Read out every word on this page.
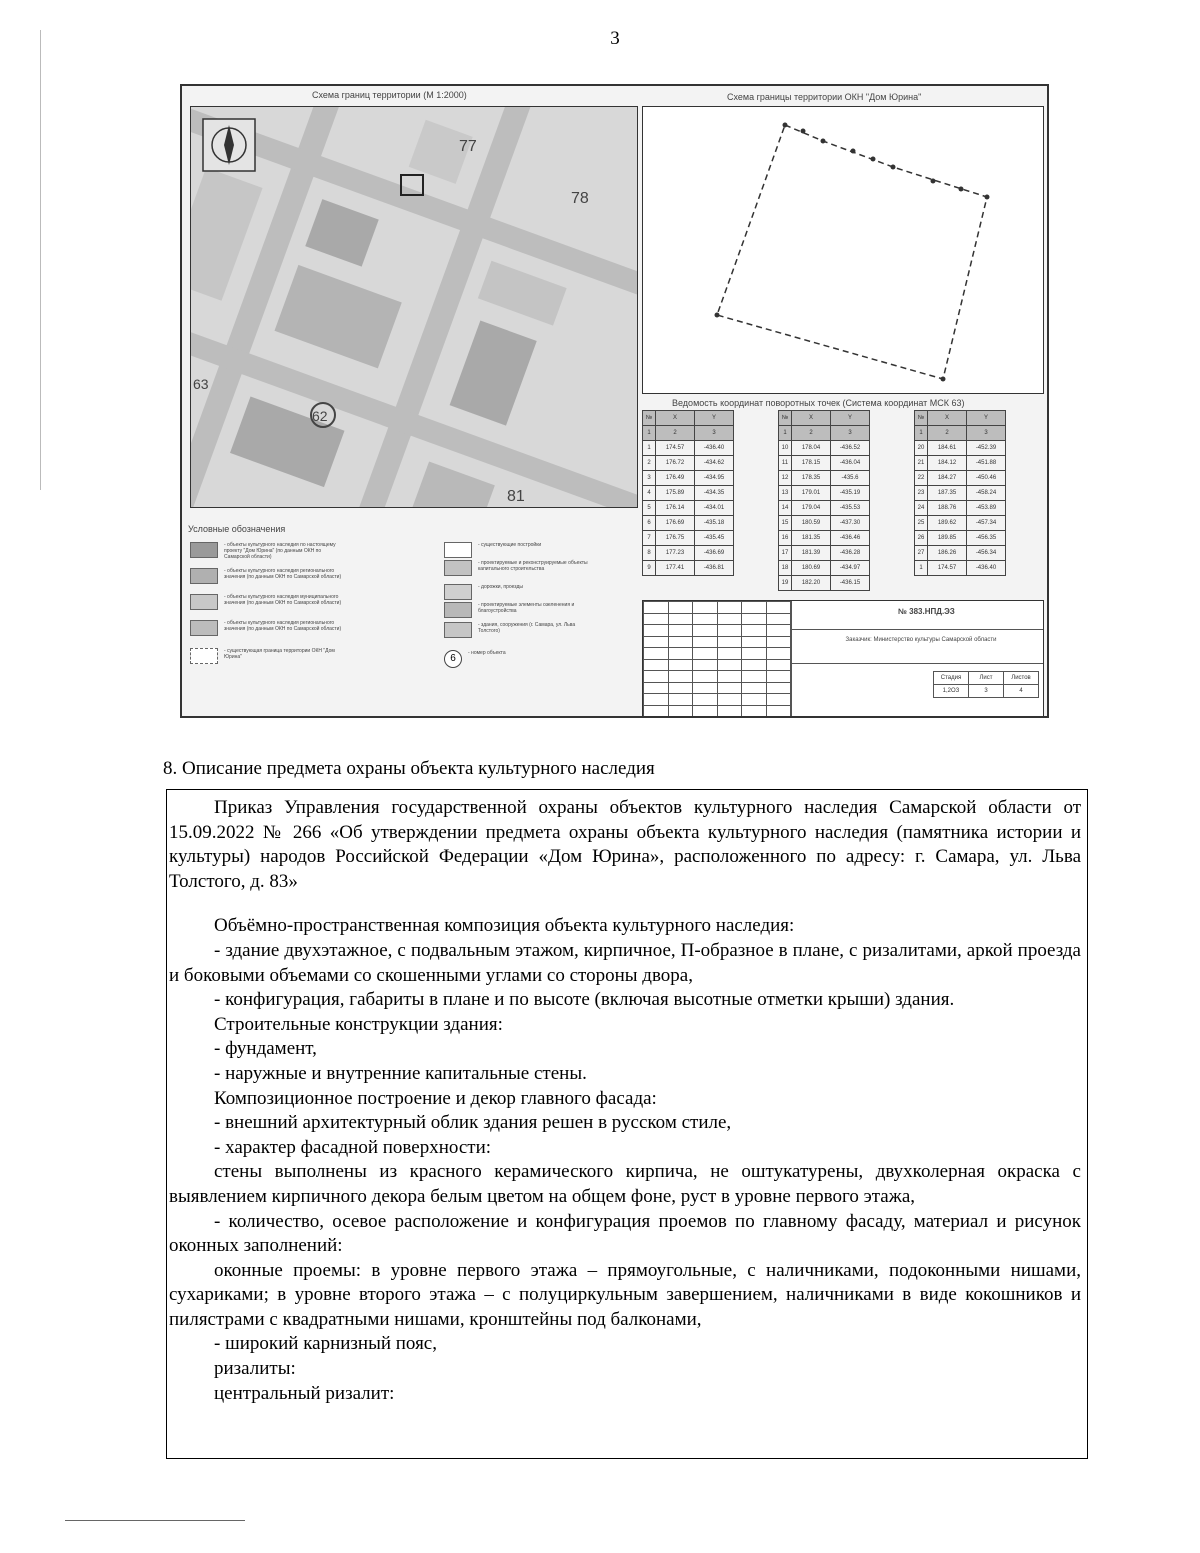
3
Схема границ территории (М 1:2000)	Схема границы территории ОКН "Дом Юрина"
77
78
62
81
63
Ведомость координат поворотных точек (Система координат МСК 63)
№	X	Y
1	2	3
1	174.57	-436.40
2	176.72	-434.62
3	176.49	-434.95
4	175.89	-434.35
5	176.14	-434.01
6	176.69	-435.18
7	176.75	-435.45
8	177.23	-436.69
9	177.41	-436.81
№	X	Y
1	2	3
10	178.04	-436.52
11	178.15	-436.04
12	178.35	-435.6
13	179.01	-435.19
14	179.04	-435.53
15	180.59	-437.30
16	181.35	-436.46
17	181.39	-436.28
18	180.69	-434.97
19	182.20	-436.15
№	X	Y
1	2	3
20	184.61	-452.39
21	184.12	-451.88
22	184.27	-450.46
23	187.35	-458.24
24	188.76	-453.89
25	189.62	-457.34
26	189.85	-456.35
27	186.26	-456.34
1	174.57	-436.40
Условные обозначения
- объекты культурного наследия по настоящему проекту "Дом Юрина" (по данным ОКН по Самарской области)
- объекты культурного наследия регионального значения (по данным ОКН по Самарской области)
- объекты культурного наследия муниципального значения (по данным ОКН по Самарской области)
- объекты культурного наследия регионального значения (по данным ОКН по Самарской области)
- существующая граница территории ОКН "Дом Юрина"
- существующие постройки
- проектируемые и реконструируемые объекты капитального строительства
- дорожки, проезды
- проектируемые элементы озеленения и благоустройства
- здания, сооружения (г. Самара, ул. Льва Толстого)
6	- номер объекта

№ 383.НПД.ЭЗ
Заказчик: Министерство культуры Самарской области
Стадия	Лист	Листов
1,2ОЗ	3	4
8. Описание предмета охраны объекта культурного наследия

Приказ Управления государственной охраны объектов культурного наследия Самарской области от 15.09.2022 № 266 «Об утверждении предмета охраны объекта культурного наследия (памятника истории и культуры) народов Российской Федерации «Дом Юрина», расположенного по адресу: г. Самара, ул. Льва Толстого, д. 83»

Объёмно-пространственная композиция объекта культурного наследия:

- здание двухэтажное, с подвальным этажом, кирпичное, П-образное в плане, с ризалитами, аркой проезда и боковыми объемами со скошенными углами со стороны двора,

- конфигурация, габариты в плане и по высоте (включая высотные отметки крыши) здания.

Строительные конструкции здания:

- фундамент,

- наружные и внутренние капитальные стены.

Композиционное построение и декор главного фасада:

- внешний архитектурный облик здания решен в русском стиле,

- характер фасадной поверхности:

стены выполнены из красного керамического кирпича, не оштукатурены, двухколерная окраска с выявлением кирпичного декора белым цветом на общем фоне, руст в уровне первого этажа,

- количество, осевое расположение и конфигурация проемов по главному фасаду, материал и рисунок оконных заполнений:

оконные проемы: в уровне первого этажа – прямоугольные, с наличниками, подоконными нишами, сухариками; в уровне второго этажа – с полуциркульным завершением, наличниками в виде кокошников и пилястрами с квадратными нишами, кронштейны под балконами,

- широкий карнизный пояс,

ризалиты:

центральный ризалит:
